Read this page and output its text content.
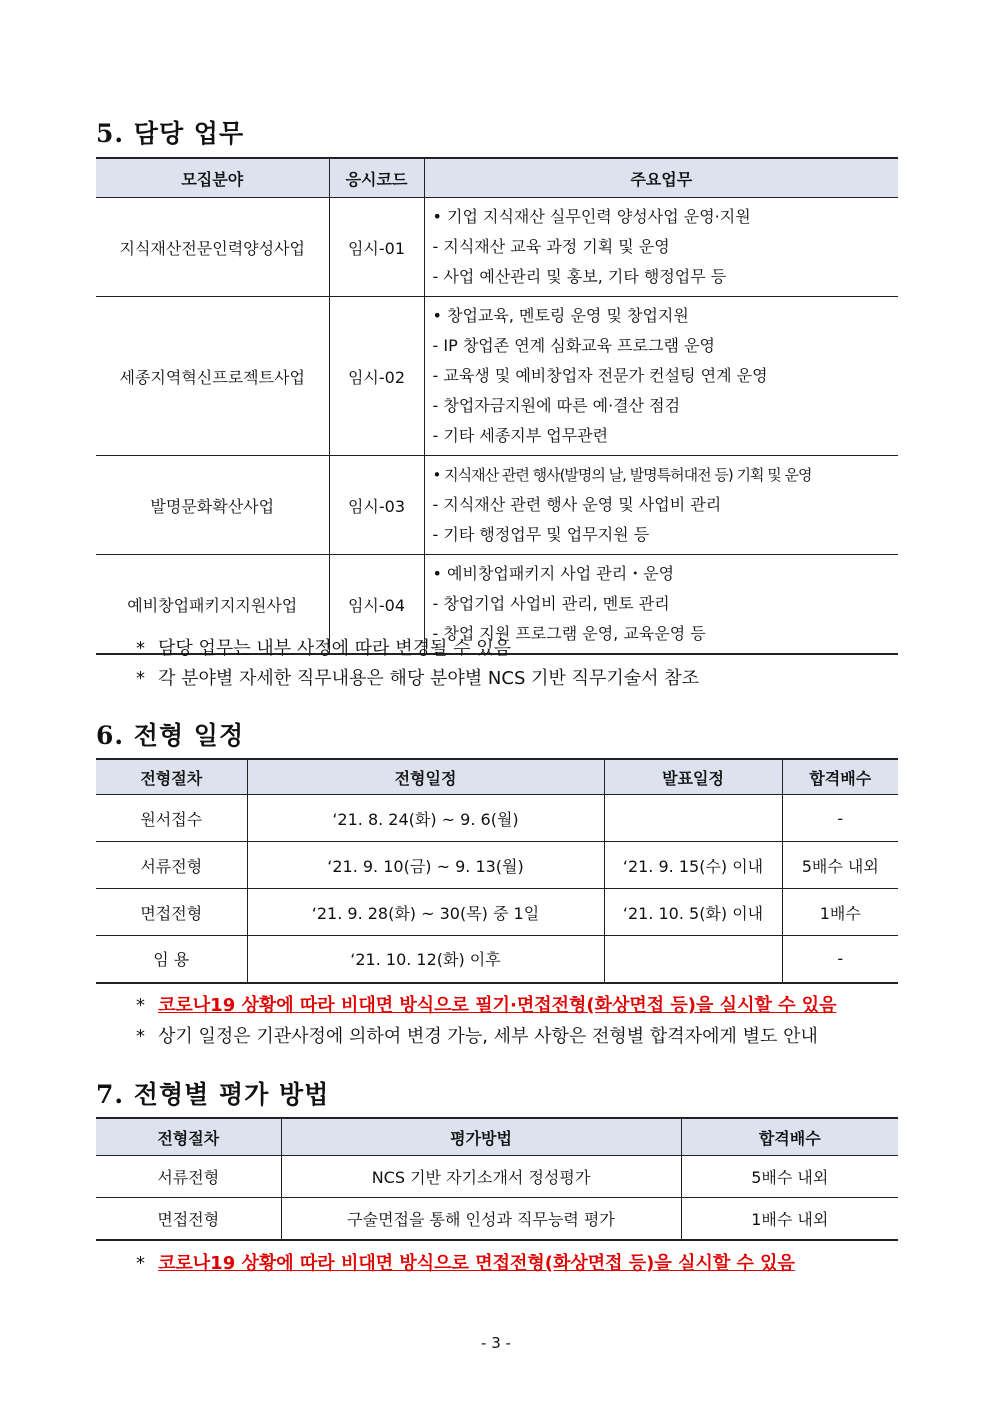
5. 담당 업무
모집분야	응시코드	주요업무
지식재산전문인력양성사업	임시-01	• 기업 지식재산 실무인력 양성사업 운영·지원
- 지식재산 교육 과정 기획 및 운영
- 사업 예산관리 및 홍보, 기타 행정업무 등

세종지역혁신프로젝트사업	임시-02	• 창업교육, 멘토링 운영 및 창업지원
- IP 창업존 연계 심화교육 프로그램 운영
- 교육생 및 예비창업자 전문가 컨설팅 연계 운영
- 창업자금지원에 따른 예·결산 점검
- 기타 세종지부 업무관련

발명문화확산사업	임시-03	• 지식재산 관련 행사(발명의 날, 발명특허대전 등) 기획 및 운영
- 지식재산 관련 행사 운영 및 사업비 관리
- 기타 행정업무 및 업무지원 등

예비창업패키지지원사업	임시-04	• 예비창업패키지 사업 관리・운영
- 창업기업 사업비 관리, 멘토 관리
- 창업 지원 프로그램 운영, 교육운영 등
* 담당 업무는 내부 사정에 따라 변경될 수 있음
* 각 분야별 자세한 직무내용은 해당 분야별 NCS 기반 직무기술서 참조
6. 전형 일정
전형절차	전형일정	발표일정	합격배수
원서접수	‘21. 8. 24(화) ~ 9. 6(월)		-
서류전형	‘21. 9. 10(금) ~ 9. 13(월)	‘21. 9. 15(수) 이내	5배수 내외
면접전형	‘21. 9. 28(화) ~ 30(목) 중 1일	‘21. 10. 5(화) 이내	1배수
임 용	‘21. 10. 12(화) 이후		-
* 코로나19 상황에 따라 비대면 방식으로 필기·면접전형(화상면접 등)을 실시할 수 있음
* 상기 일정은 기관사정에 의하여 변경 가능, 세부 사항은 전형별 합격자에게 별도 안내
7. 전형별 평가 방법
전형절차	평가방법	합격배수
서류전형	NCS 기반 자기소개서 정성평가	5배수 내외
면접전형	구술면접을 통해 인성과 직무능력 평가	1배수 내외
* 코로나19 상황에 따라 비대면 방식으로 면접전형(화상면접 등)을 실시할 수 있음
- 3 -
